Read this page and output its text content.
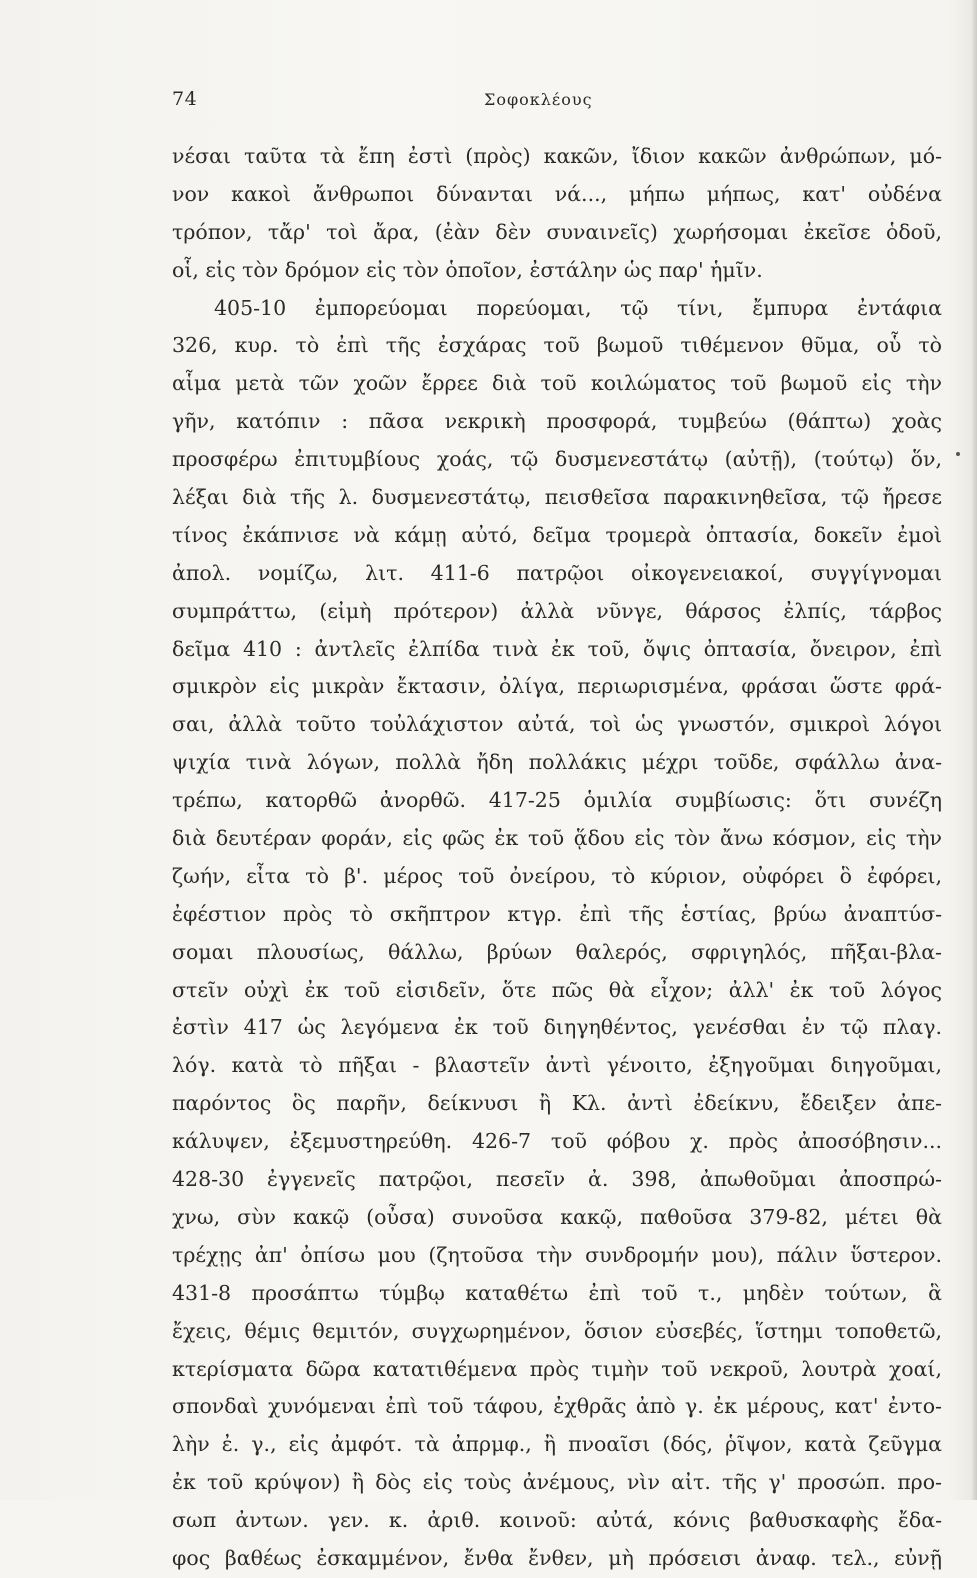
74	Σοφοκλέους
νέσαι ταῦτα τὰ ἔπη ἐστὶ (πρὸς) κακῶν, ἴδιον κακῶν ἀνθρώπων, μό-
νον κακοὶ ἄνθρωποι δύνανται νά..., μήπω μήπως, κατ' οὐδένα
τρόπον, τἄρ' τοὶ ἄρα, (ἐὰν δὲν συναινεῖς) χωρήσομαι ἐκεῖσε ὁδοῦ,
οἷ, εἰς τὸν δρόμον εἰς τὸν ὁποῖον, ἐστάλην ὡς παρ' ἡμῖν.
405-10 ἐμπορεύομαι πορεύομαι, τῷ τίνι, ἔμπυρα ἐντάφια
326, κυρ. τὸ ἐπὶ τῆς ἐσχάρας τοῦ βωμοῦ τιθέμενον θῦμα, οὗ τὸ
αἷμα μετὰ τῶν χοῶν ἔρρεε διὰ τοῦ κοιλώματος τοῦ βωμοῦ εἰς τὴν
γῆν, κατόπιν : πᾶσα νεκρικὴ προσφορά, τυμβεύω (θάπτω) χοὰς
προσφέρω ἐπιτυμβίους χοάς, τῷ δυσμενεστάτῳ (αὐτῇ), (τούτῳ) ὅν,
λέξαι διὰ τῆς λ. δυσμενεστάτῳ, πεισθεῖσα παρακινηθεῖσα, τῷ ἤρεσε
τίνος ἐκάπνισε νὰ κάμῃ αὐτό, δεῖμα τρομερὰ ὀπτασία, δοκεῖν ἐμοὶ
ἀπολ. νομίζω, λιτ. 411-6 πατρῷοι οἰκογενειακοί, συγγίγνομαι
συμπράττω, (εἰμὴ πρότερον) ἀλλὰ νῦνγε, θάρσος ἐλπίς, τάρβος
δεῖμα 410 : ἀντλεῖς ἐλπίδα τινὰ ἐκ τοῦ, ὄψις ὀπτασία, ὄνειρον, ἐπὶ
σμικρὸν εἰς μικρὰν ἔκτασιν, ὀλίγα, περιωρισμένα, φράσαι ὥστε φρά-
σαι, ἀλλὰ τοῦτο τοὐλάχιστον αὐτά, τοὶ ὡς γνωστόν, σμικροὶ λόγοι
ψιχία τινὰ λόγων, πολλὰ ἤδη πολλάκις μέχρι τοῦδε, σφάλλω ἀνα-
τρέπω, κατορθῶ ἀνορθῶ. 417-25 ὁμιλία συμβίωσις: ὅτι συνέζη
διὰ δευτέραν φοράν, εἰς φῶς ἐκ τοῦ ᾅδου εἰς τὸν ἄνω κόσμον, εἰς τὴν
ζωήν, εἶτα τὸ β'. μέρος τοῦ ὀνείρου, τὸ κύριον, οὐφόρει ὃ ἐφόρει,
ἐφέστιον πρὸς τὸ σκῆπτρον κτγρ. ἐπὶ τῆς ἑστίας, βρύω ἀναπτύσ-
σομαι πλουσίως, θάλλω, βρύων θαλερός, σφριγηλός, πῆξαι-βλα-
στεῖν οὐχὶ ἐκ τοῦ εἰσιδεῖν, ὅτε πῶς θὰ εἶχον; ἀλλ' ἐκ τοῦ λόγος
ἐστὶν 417 ὡς λεγόμενα ἐκ τοῦ διηγηθέντος, γενέσθαι ἐν τῷ πλαγ.
λόγ. κατὰ τὸ πῆξαι - βλαστεῖν ἀντὶ γένοιτο, ἐξηγοῦμαι διηγοῦμαι,
παρόντος ὃς παρῆν, δείκνυσι ἢ Κλ. ἀντὶ ἐδείκνυ, ἔδειξεν ἀπε-
κάλυψεν, ἐξεμυστηρεύθη. 426-7 τοῦ φόβου χ. πρὸς ἀποσόβησιν...
428-30 ἐγγενεῖς πατρῷοι, πεσεῖν ἀ. 398, ἀπωθοῦμαι ἀποσπρώ-
χνω, σὺν κακῷ (οὖσα) συνοῦσα κακῷ, παθοῦσα 379-82, μέτει θὰ
τρέχῃς ἀπ' ὀπίσω μου (ζητοῦσα τὴν συνδρομήν μου), πάλιν ὕστερον.
431-8 προσάπτω τύμβῳ καταθέτω ἐπὶ τοῦ τ., μηδὲν τούτων, ἃ
ἔχεις, θέμις θεμιτόν, συγχωρημένον, ὅσιον εὐσεβές, ἵστημι τοποθετῶ,
κτερίσματα δῶρα κατατιθέμενα πρὸς τιμὴν τοῦ νεκροῦ, λουτρὰ χοαί,
σπονδαὶ χυνόμεναι ἐπὶ τοῦ τάφου, ἐχθρᾶς ἀπὸ γ. ἐκ μέρους, κατ' ἐντο-
λὴν ἐ. γ., εἰς ἀμφότ. τὰ ἀπρμφ., ἢ πνοαῖσι (δός, ῥῖψον, κατὰ ζεῦγμα
ἐκ τοῦ κρύψον) ἢ δὸς εἰς τοὺς ἀνέμους, νὶν αἰτ. τῆς γ' προσώπ. προ-
σωπ ἀντων. γεν. κ. ἀριθ. κοινοῦ: αὐτά, κόνις βαθυσκαφὴς ἔδα-
φος βαθέως ἐσκαμμένον, ἔνθα ἔνθεν, μὴ πρόσεισι ἀναφ. τελ., εὐνῇ
